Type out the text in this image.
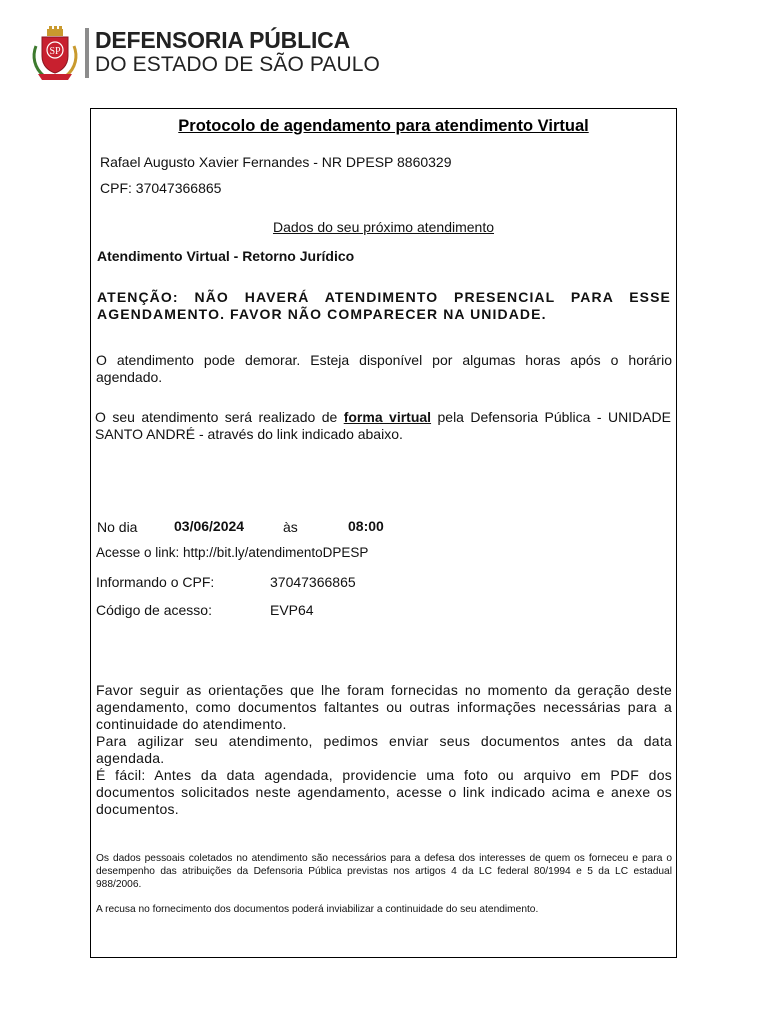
SP DEFENSORIA PÚBLICA
DO ESTADO DE SÃO PAULO
Protocolo de agendamento para atendimento Virtual
Rafael Augusto Xavier Fernandes - NR DPESP 8860329
CPF: 37047366865
Dados do seu próximo atendimento
Atendimento Virtual - Retorno Jurídico
ATENÇÃO: NÃO HAVERÁ ATENDIMENTO PRESENCIAL PARA ESSE AGENDAMENTO. FAVOR NÃO COMPARECER NA UNIDADE.
O atendimento pode demorar. Esteja disponível por algumas horas após o horário agendado.
O seu atendimento será realizado de forma virtual pela Defensoria Pública - UNIDADE SANTO ANDRÉ - através do link indicado abaixo.
No dia	03/06/2024	às	08:00
Acesse o link: http://bit.ly/atendimentoDPESP
Informando o CPF:	37047366865
Código de acesso:	EVP64
Favor seguir as orientações que lhe foram fornecidas no momento da geração deste agendamento, como documentos faltantes ou outras informações necessárias para a continuidade do atendimento.
Para agilizar seu atendimento, pedimos enviar seus documentos antes da data agendada.
É fácil: Antes da data agendada, providencie uma foto ou arquivo em PDF dos documentos solicitados neste agendamento, acesse o link indicado acima e anexe os documentos.
Os dados pessoais coletados no atendimento são necessários para a defesa dos interesses de quem os forneceu e para o desempenho das atribuições da Defensoria Pública previstas nos artigos 4 da LC federal 80/1994 e 5 da LC estadual 988/2006.
A recusa no fornecimento dos documentos poderá inviabilizar a continuidade do seu atendimento.
